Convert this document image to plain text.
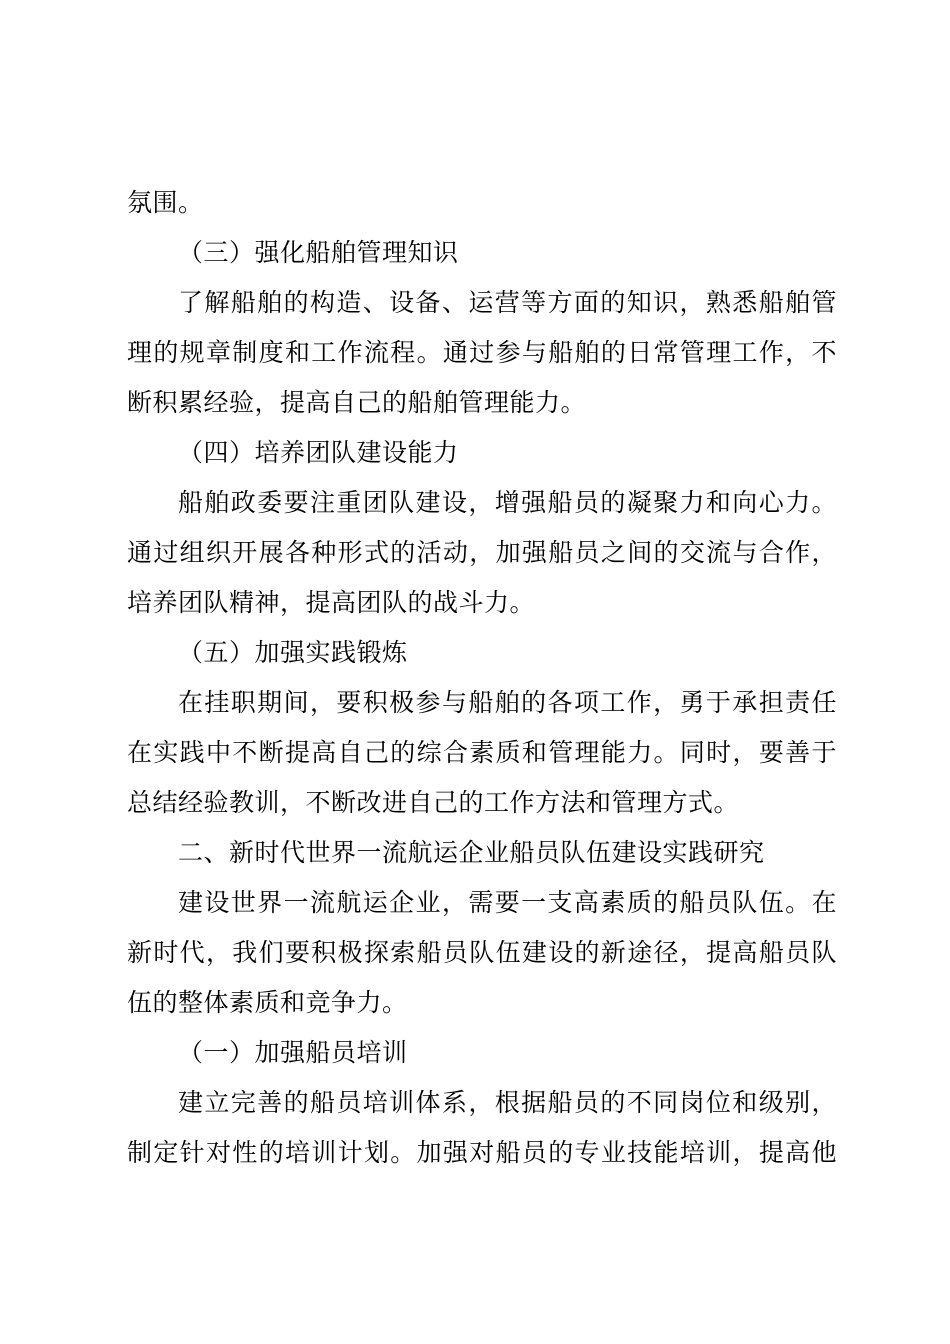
氛围。
（三）强化船舶管理知识
了解船舶的构造、设备、运营等方面的知识，熟悉船舶管
理的规章制度和工作流程。通过参与船舶的日常管理工作，不
断积累经验，提高自己的船舶管理能力。
（四）培养团队建设能力
船舶政委要注重团队建设，增强船员的凝聚力和向心力。
通过组织开展各种形式的活动，加强船员之间的交流与合作，
培养团队精神，提高团队的战斗力。
（五）加强实践锻炼
在挂职期间，要积极参与船舶的各项工作，勇于承担责任
在实践中不断提高自己的综合素质和管理能力。同时，要善于
总结经验教训，不断改进自己的工作方法和管理方式。
二、新时代世界一流航运企业船员队伍建设实践研究
建设世界一流航运企业，需要一支高素质的船员队伍。在
新时代，我们要积极探索船员队伍建设的新途径，提高船员队
伍的整体素质和竞争力。
（一）加强船员培训
建立完善的船员培训体系，根据船员的不同岗位和级别，
制定针对性的培训计划。加强对船员的专业技能培训，提高他
